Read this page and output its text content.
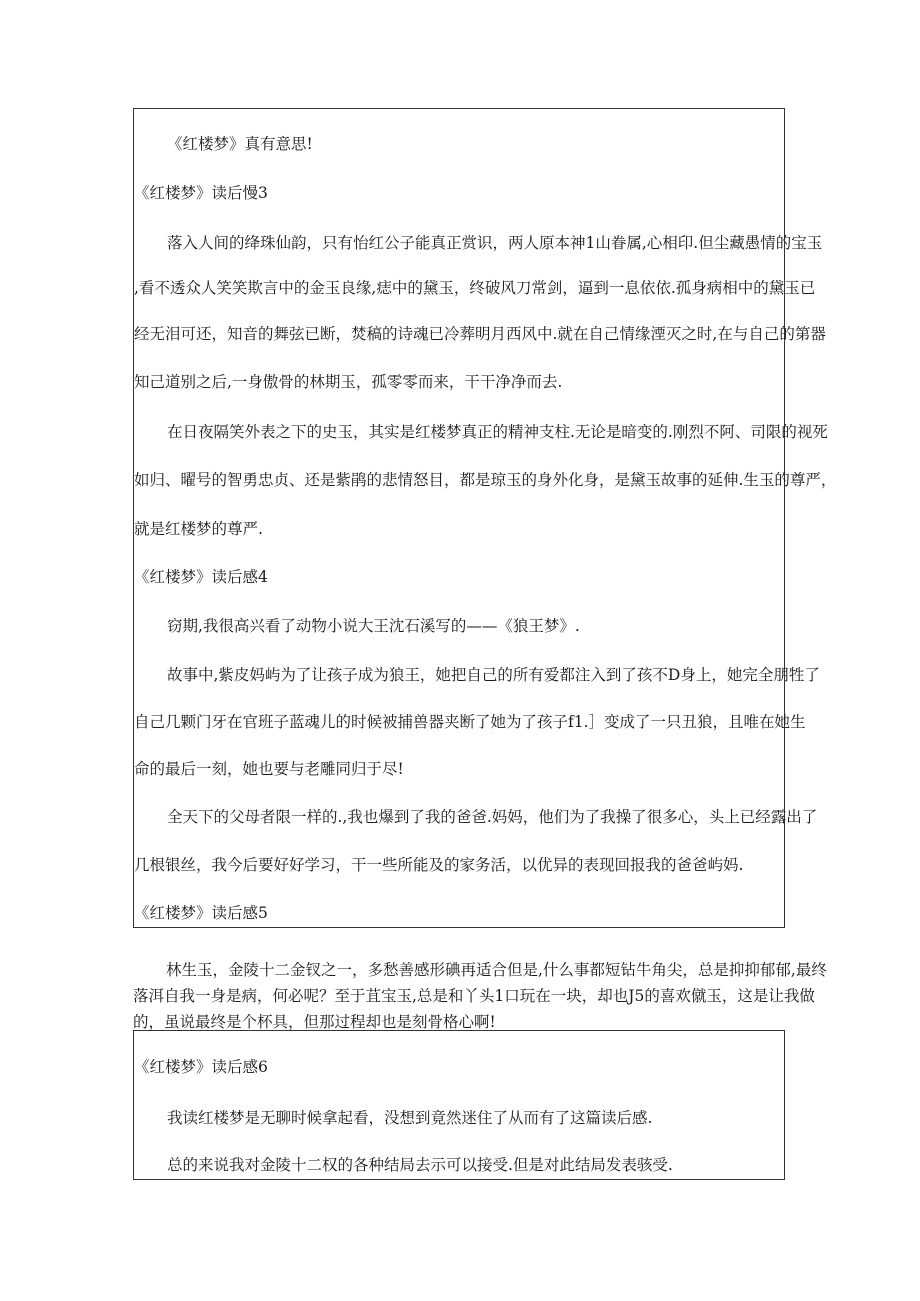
《红楼梦》真有意思!
《红楼梦》读后慢3
落入人间的绛珠仙韵，只有怡红公子能真正赏识，两人原本神1山眷属,心相印.但尘藏愚情的宝玉
,看不透众人笑笑欺言中的金玉良缘,痣中的黛玉，终破风刀常剑，逼到一息依依.孤身病相中的黛玉已
经无泪可还，知音的舞弦已断，焚稿的诗魂已冷葬明月西风中.就在自己情缘湮灭之时,在与自己的第器
知己道别之后,一身傲骨的林期玉，孤零零而来，干干净净而去.
在日夜隔笑外表之下的史玉，其实是红楼梦真正的精神支柱.无论是暗变的.刚烈不阿、司限的视死
如归、曜号的智勇忠贞、还是紫鹃的悲情怒目，都是琼玉的身外化身，是黛玉故事的延伸.生玉的尊严，
就是红楼梦的尊严.
《红楼梦》读后感4
窃期,我很高兴看了动物小说大王沈石溪写的——《狼王梦》.
故事中,紫皮妈屿为了让孩子成为狼王，她把自己的所有爱都注入到了孩不D身上，她完全朋牲了
自己几颗门牙在官班子蓝魂儿的时候被捕兽器夹断了她为了孩子f1.］变成了一只丑狼，且唯在她生
命的最后一刻，她也要与老雕同归于尽!
全天下的父母者限一样的.,我也爆到了我的爸爸.妈妈，他们为了我操了很多心，头上已经露出了
几根银丝，我今后要好好学习，干一些所能及的家务活，以优异的表现回报我的爸爸屿妈.
《红楼梦》读后感5
林生玉，金陵十二金钗之一，多愁善感形碘再适合但是,什么事都短钻牛角尖，总是抑抑郁郁,最终
落洱自我一身是病，何必呢？至于苴宝玉,总是和丫头1口玩在一块，却也J5的喜欢僦玉，这是让我做
的，虽说最终是个杯具，但那过程却也是刻骨格心啊!
《红楼梦》读后感6
我读红楼梦是无聊时候拿起看，没想到竟然迷住了从而有了这篇读后感.
总的来说我对金陵十二权的各种结局去示可以接受.但是对此结局发表骇受.
